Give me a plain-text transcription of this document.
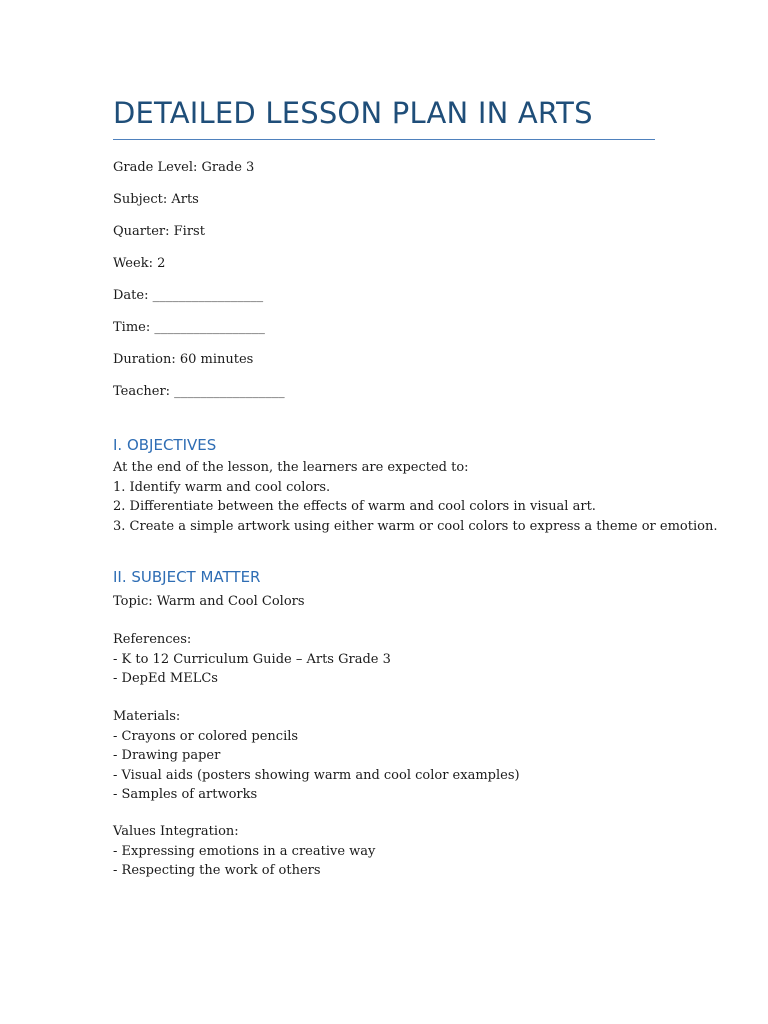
DETAILED LESSON PLAN IN ARTS
Grade Level: Grade 3
Subject: Arts
Quarter: First
Week: 2
Date: _________________
Time: _________________
Duration: 60 minutes
Teacher: _________________
I. OBJECTIVES
At the end of the lesson, the learners are expected to:
1. Identify warm and cool colors.
2. Differentiate between the effects of warm and cool colors in visual art.
3. Create a simple artwork using either warm or cool colors to express a theme or emotion.
II. SUBJECT MATTER
Topic: Warm and Cool Colors
References:
- K to 12 Curriculum Guide – Arts Grade 3
- DepEd MELCs
Materials:
- Crayons or colored pencils
- Drawing paper
- Visual aids (posters showing warm and cool color examples)
- Samples of artworks
Values Integration:
- Expressing emotions in a creative way
- Respecting the work of others
